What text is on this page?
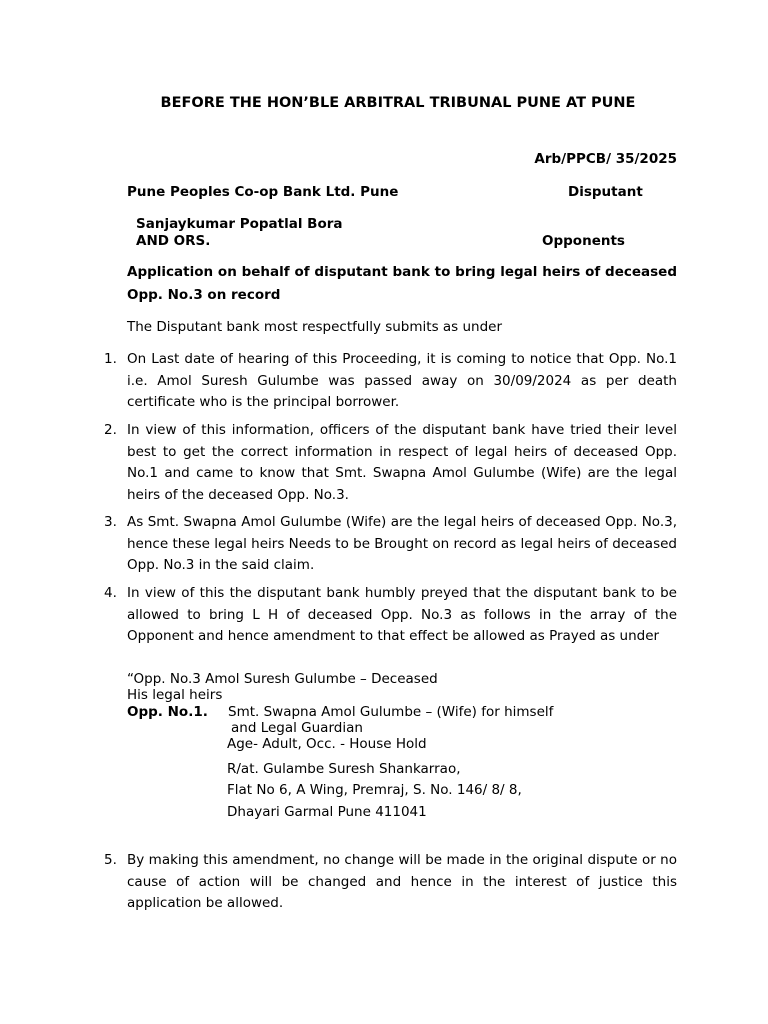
BEFORE THE HON’BLE ARBITRAL TRIBUNAL PUNE AT PUNE
Arb/PPCB/ 35/2025
Pune Peoples Co-op Bank Ltd. Pune	Disputant
Sanjaykumar Popatlal Bora
AND ORS.	Opponents
Application on behalf of disputant bank to bring legal heirs of deceased Opp. No.3 on record
The Disputant bank most respectfully submits as under
1. On Last date of hearing of this Proceeding, it is coming to notice that Opp. No.1 i.e. Amol Suresh Gulumbe was passed away on 30/09/2024 as per death certificate who is the principal borrower.
2. In view of this information, officers of the disputant bank have tried their level best to get the correct information in respect of legal heirs of deceased Opp. No.1 and came to know that Smt. Swapna Amol Gulumbe (Wife) are the legal heirs of the deceased Opp. No.3.
3. As Smt. Swapna Amol Gulumbe (Wife) are the legal heirs of deceased Opp. No.3, hence these legal heirs Needs to be Brought on record as legal heirs of deceased Opp. No.3 in the said claim.
4. In view of this the disputant bank humbly preyed that the disputant bank to be allowed to bring L H of deceased Opp. No.3 as follows in the array of the Opponent and hence amendment to that effect be allowed as Prayed as under
“Opp. No.3 Amol Suresh Gulumbe – Deceased
His legal heirs
Opp. No.1. Smt. Swapna Amol Gulumbe – (Wife) for himself
and Legal Guardian
Age- Adult, Occ. - House Hold
R/at. Gulambe Suresh Shankarrao,
Flat No 6, A Wing, Premraj, S. No. 146/ 8/ 8,
Dhayari Garmal Pune 411041
5. By making this amendment, no change will be made in the original dispute or no cause of action will be changed and hence in the interest of justice this application be allowed.
